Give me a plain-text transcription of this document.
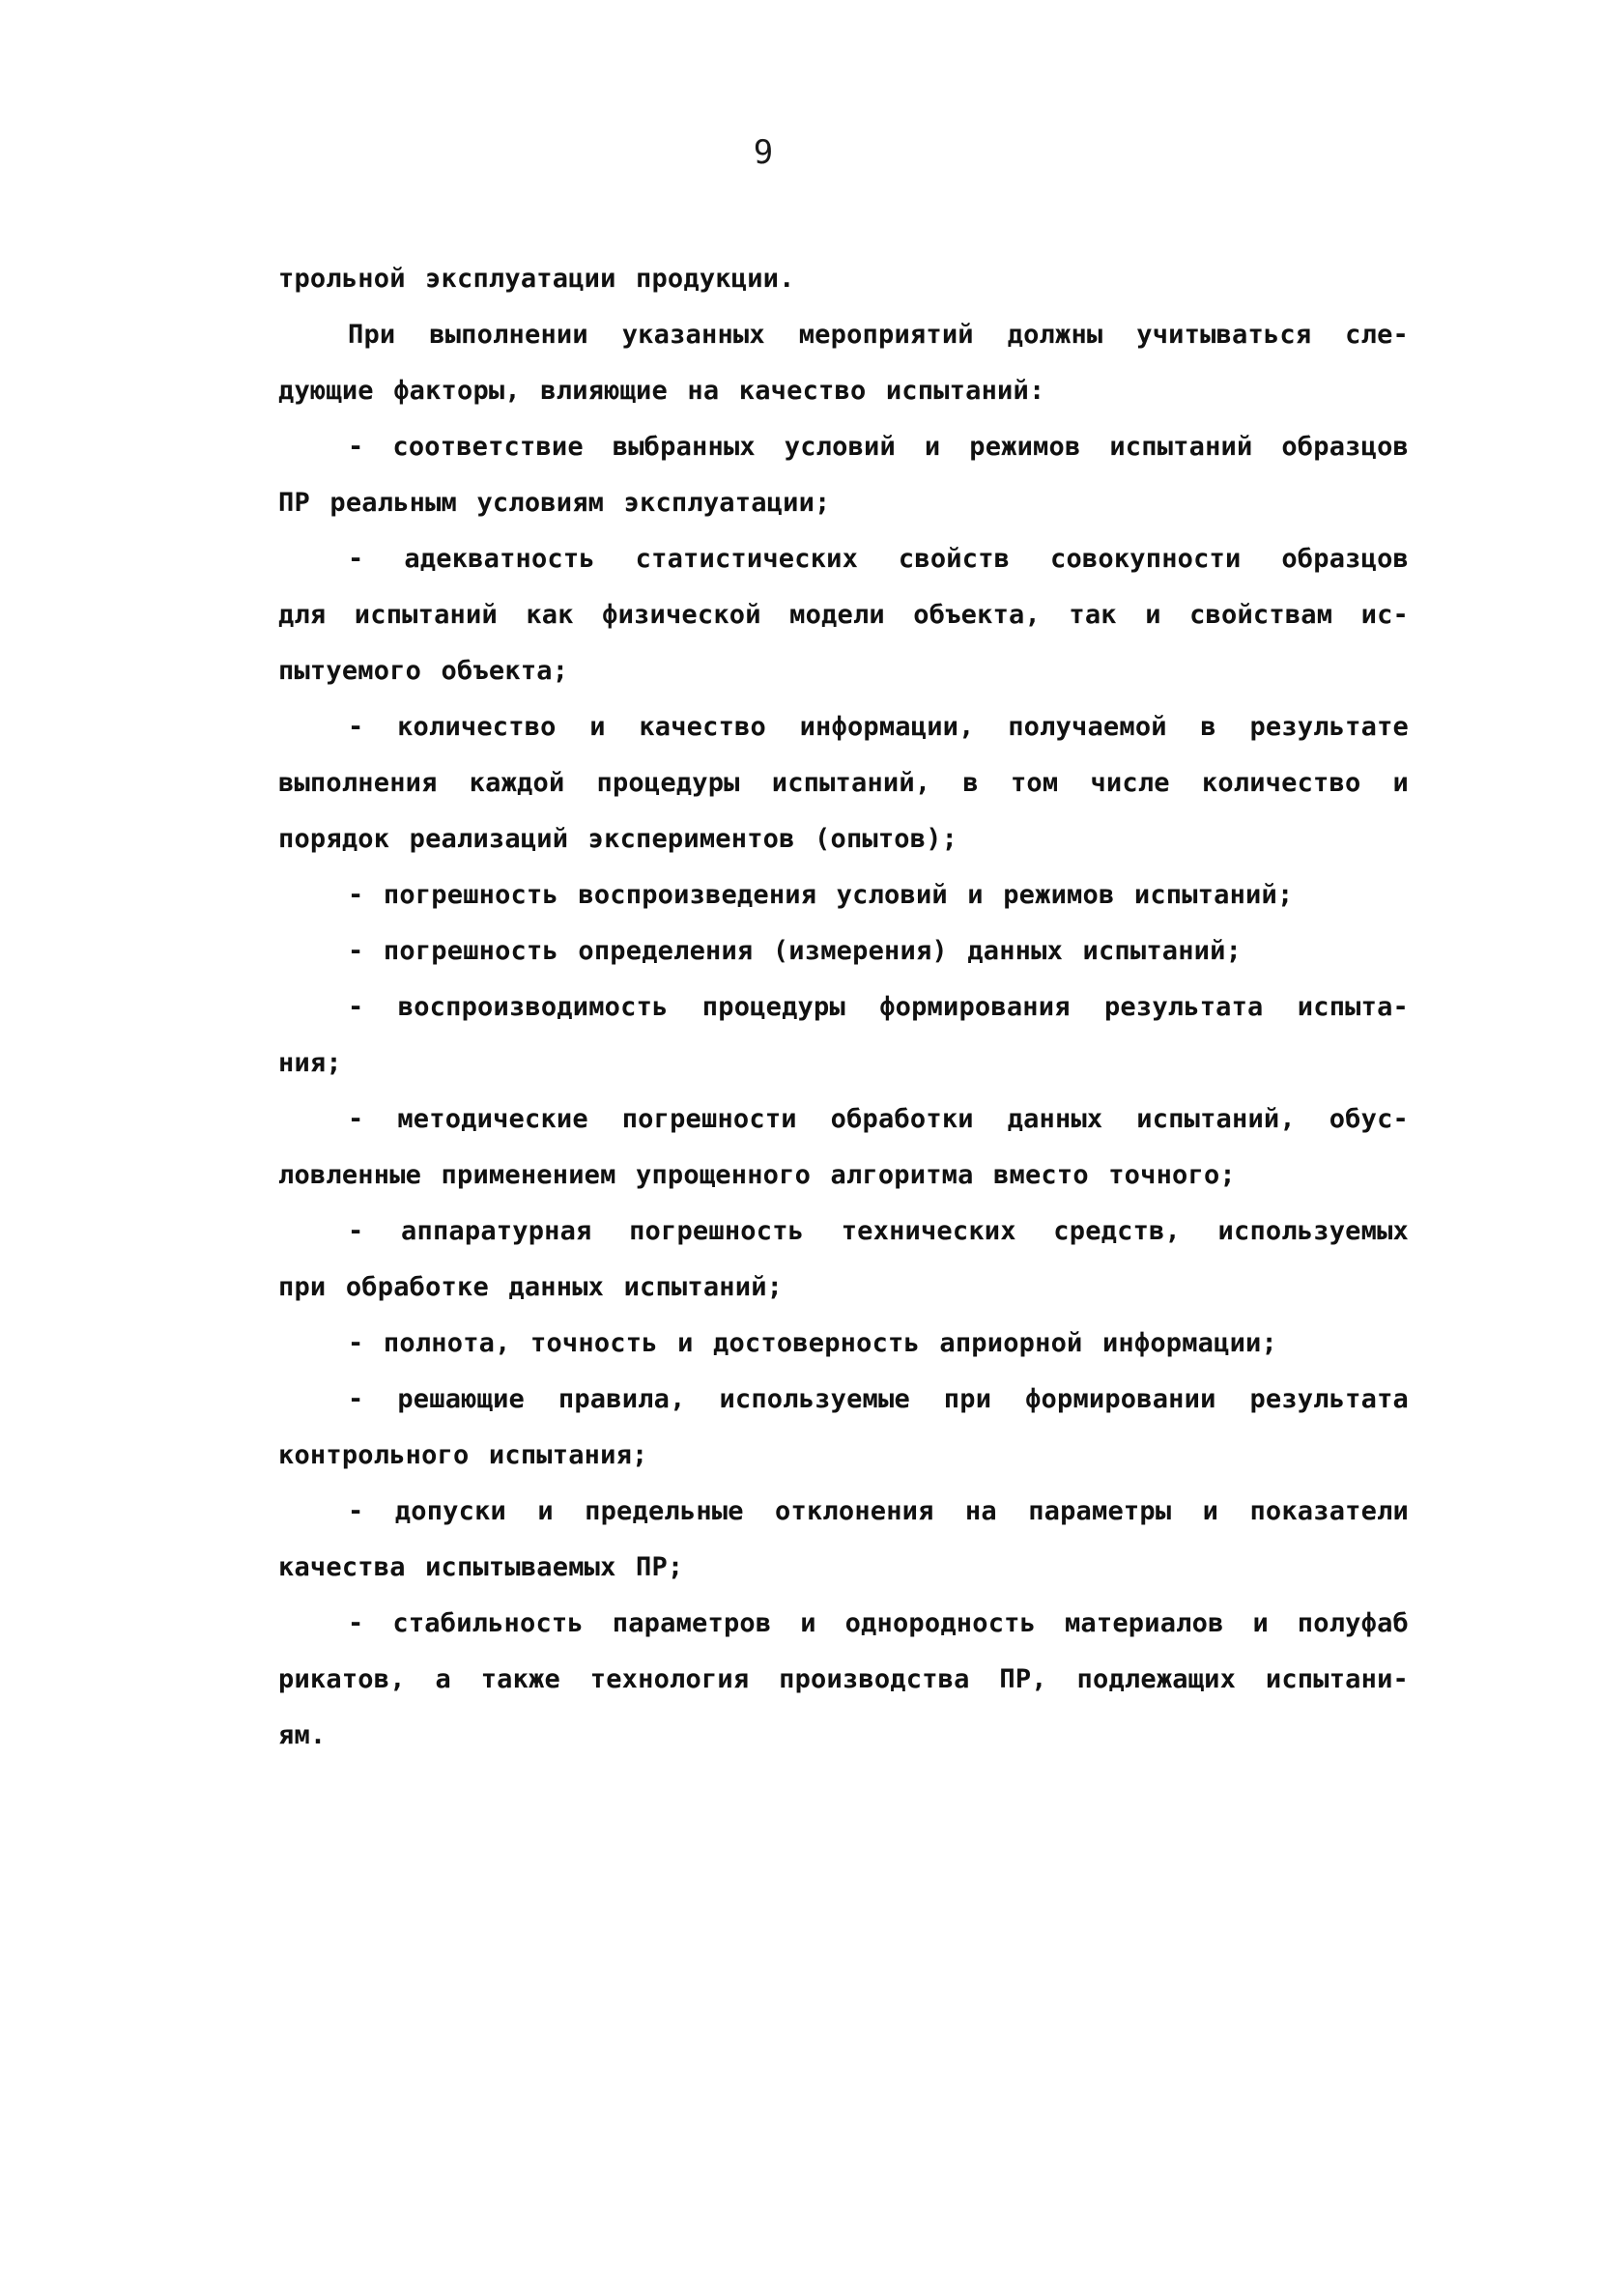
9

трольной эксплуатации продукции.

При выполнении указанных мероприятий должны учитываться сле-
дующие факторы, влияющие на качество испытаний:

- соответствие выбранных условий и режимов испытаний образцов
ПР реальным условиям эксплуатации;

- адекватность статистических свойств совокупности образцов
для испытаний как физической модели объекта, так и свойствам ис-
пытуемого объекта;

- количество и качество информации, получаемой в результате
выполнения каждой процедуры испытаний, в том числе количество и
порядок реализаций экспериментов (опытов);

- погрешность воспроизведения условий и режимов испытаний;

- погрешность определения (измерения) данных испытаний;

- воспроизводимость процедуры формирования результата испыта-
ния;

- методические погрешности обработки данных испытаний, обус-
ловленные применением упрощенного алгоритма вместо точного;

- аппаратурная погрешность технических средств, используемых
при обработке данных испытаний;

- полнота, точность и достоверность априорной информации;

- решающие правила, используемые при формировании результата
контрольного испытания;

- допуски и предельные отклонения на параметры и показатели
качества испытываемых ПР;

- стабильность параметров и однородность материалов и полуфаб
рикатов, а также технология производства ПР, подлежащих испытани-
ям.
